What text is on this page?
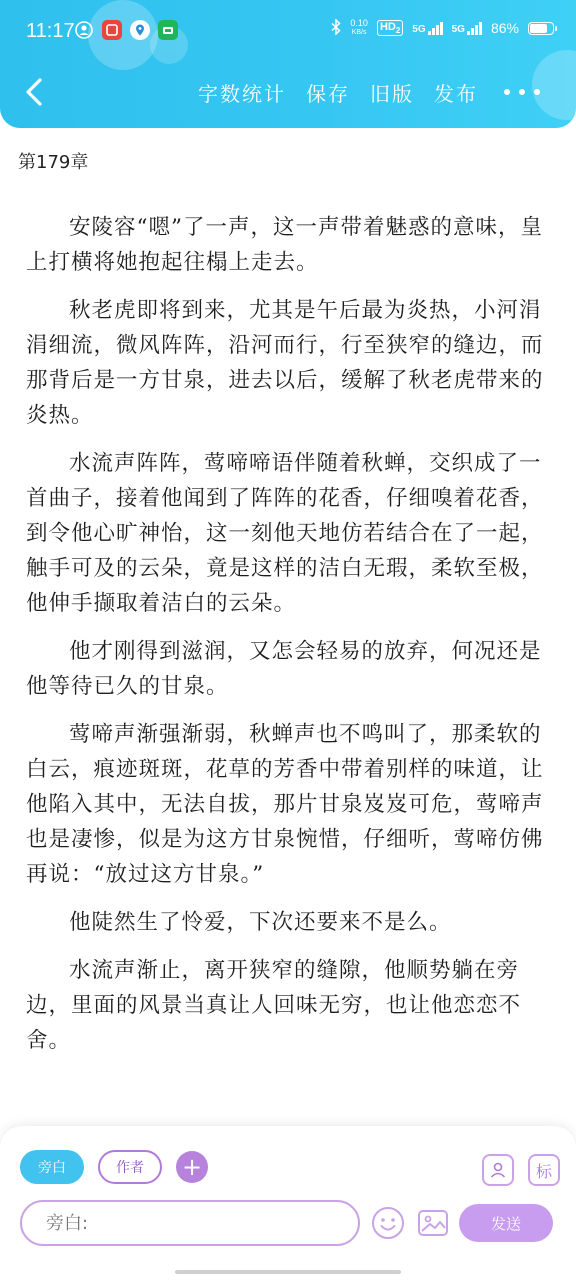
11:17	0.10
KB/s $HD_2$	5G	5G 86%
字数统计 保存 旧版 发布
第179章

安陵容“嗯”了一声，这一声带着魅惑的意味，皇上打横将她抱起往榻上走去。

秋老虎即将到来，尤其是午后最为炎热，小河涓涓细流，微风阵阵，沿河而行，行至狭窄的缝边，而那背后是一方甘泉，进去以后，缓解了秋老虎带来的炎热。

水流声阵阵，莺啼啼语伴随着秋蝉，交织成了一首曲子，接着他闻到了阵阵的花香，仔细嗅着花香，到令他心旷神怡，这一刻他天地仿若结合在了一起，触手可及的云朵，竟是这样的洁白无瑕，柔软至极，他伸手撷取着洁白的云朵。

他才刚得到滋润，又怎会轻易的放弃，何况还是他等待已久的甘泉。

莺啼声渐强渐弱，秋蝉声也不鸣叫了，那柔软的白云，痕迹斑斑，花草的芳香中带着别样的味道，让他陷入其中，无法自拔，那片甘泉岌岌可危，莺啼声也是凄惨，似是为这方甘泉惋惜，仔细听，莺啼仿佛再说：“放过这方甘泉。”

他陡然生了怜爱，下次还要来不是么。

水流声渐止，离开狭窄的缝隙，他顺势躺在旁边，里面的风景当真让人回味无穷，也让他恋恋不舍。

旁白	作者	+	标
旁白:
发送
